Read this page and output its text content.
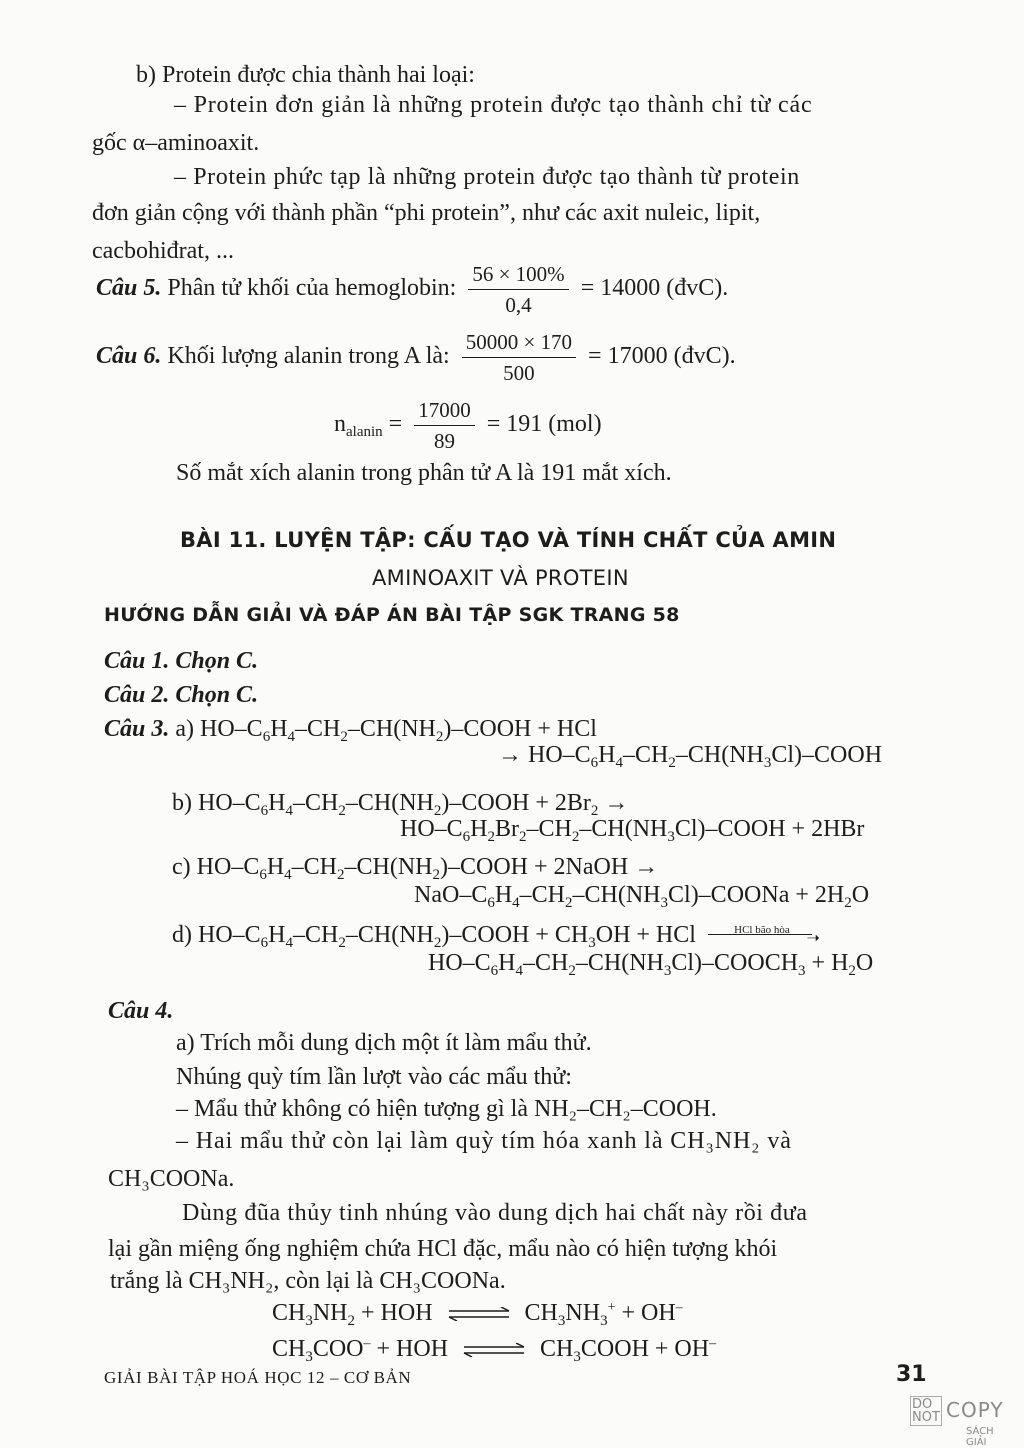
b) Protein được chia thành hai loại:
– Protein đơn giản là những protein được tạo thành chỉ từ các
gốc α–aminoaxit.
– Protein phức tạp là những protein được tạo thành từ protein
đơn giản cộng với thành phần “phi protein”, như các axit nuleic, lipit,
cacbohiđrat, ...
Câu 5. Phân tử khối của hemoglobin: $\frac{56 \times 100\%}{0,4} = 14000$ (đvC).
Câu 6. Khối lượng alanin trong A là: $\frac{50000 \times 170}{500} = 17000$ (đvC).
$n_{alanin} = \frac{17000}{89} = 191$ (mol)
Số mắt xích alanin trong phân tử A là 191 mắt xích.
BÀI 11. LUYỆN TẬP: CẤU TẠO VÀ TÍNH CHẤT CỦA AMIN
AMINOAXIT VÀ PROTEIN
HƯỚNG DẪN GIẢI VÀ ĐÁP ÁN BÀI TẬP SGK TRANG 58
Câu 1. Chọn C.
Câu 2. Chọn C.
Câu 3. a) $HO-C_6H_4-CH_2-CH(NH_2)$–COOH + HCl
→ $HO-C_6H_4-CH_2-CH(NH_3Cl)$–COOH
b) $HO-C_6H_4-CH_2-CH(NH_2)$–COOH + $2Br_2$ →
$HO-C_6H_2Br_2-CH_2-CH(NH_3Cl)$–COOH + 2HBr
c) $HO-C_6H_4-CH_2-CH(NH_2)$–COOH + 2NaOH →
NaO–$C_6H_4-CH_2-CH(NH_3Cl)$–COONa + $2H_2O$
d) $HO-C_6H_4-CH_2-CH(NH_2)$–COOH + $CH_3OH$ + HCl	HCl bão hòa	➝
$HO-C_6H_4-CH_2-CH(NH_3Cl)-COOCH_3 + H_2O$
Câu 4.
a) Trích mỗi dung dịch một ít làm mẩu thử.
Nhúng quỳ tím lần lượt vào các mẩu thử:
– Mẩu thử không có hiện tượng gì là NH₂–CH₂–COOH.
– Hai mẩu thử còn lại làm quỳ tím hóa xanh là CH₃NH₂ và
CH₃COONa.
Dùng đũa thủy tinh nhúng vào dung dịch hai chất này rồi đưa
lại gần miệng ống nghiệm chứa HCl đặc, mẩu nào có hiện tượng khói
trắng là CH₃NH₂, còn lại là CH₃COONa.
$CH_3NH_2$ + HOH ⇌ $CH_3NH_3^+ + OH^-$
$CH_3COO^-$ + HOH ⇌ $CH_3COOH + OH^-$
GIẢI BÀI TẬP HOÁ HỌC 12 – CƠ BẢN	31
DO
NOT COPY
SÁCH GIẢI
